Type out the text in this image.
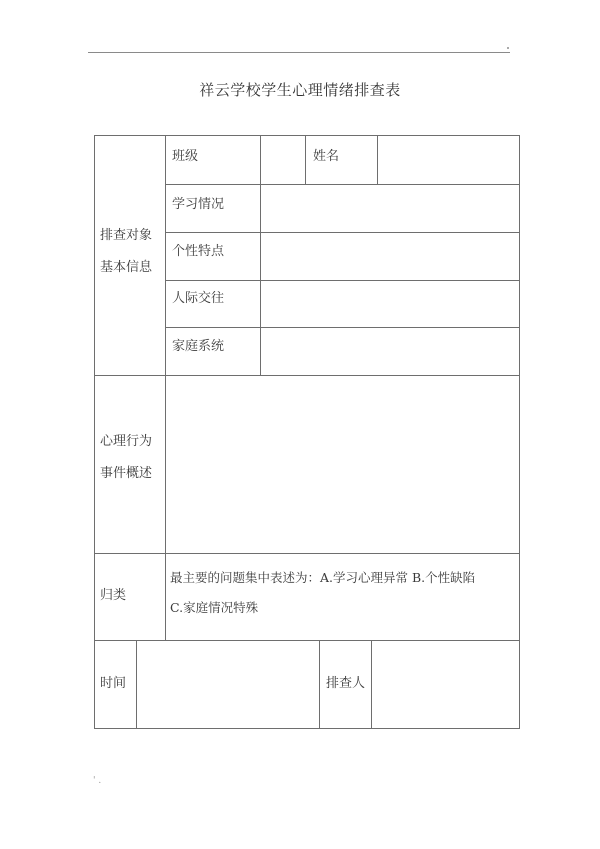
祥云学校学生心理情绪排查表
班级	姓名
学习情况
个性特点
人际交往
家庭系统
排查对象
基本信息
心理行为
事件概述
归类
最主要的问题集中表述为：A.学习心理异常 B.个性缺陷
C.家庭情况特殊
时间	排查人
' .
